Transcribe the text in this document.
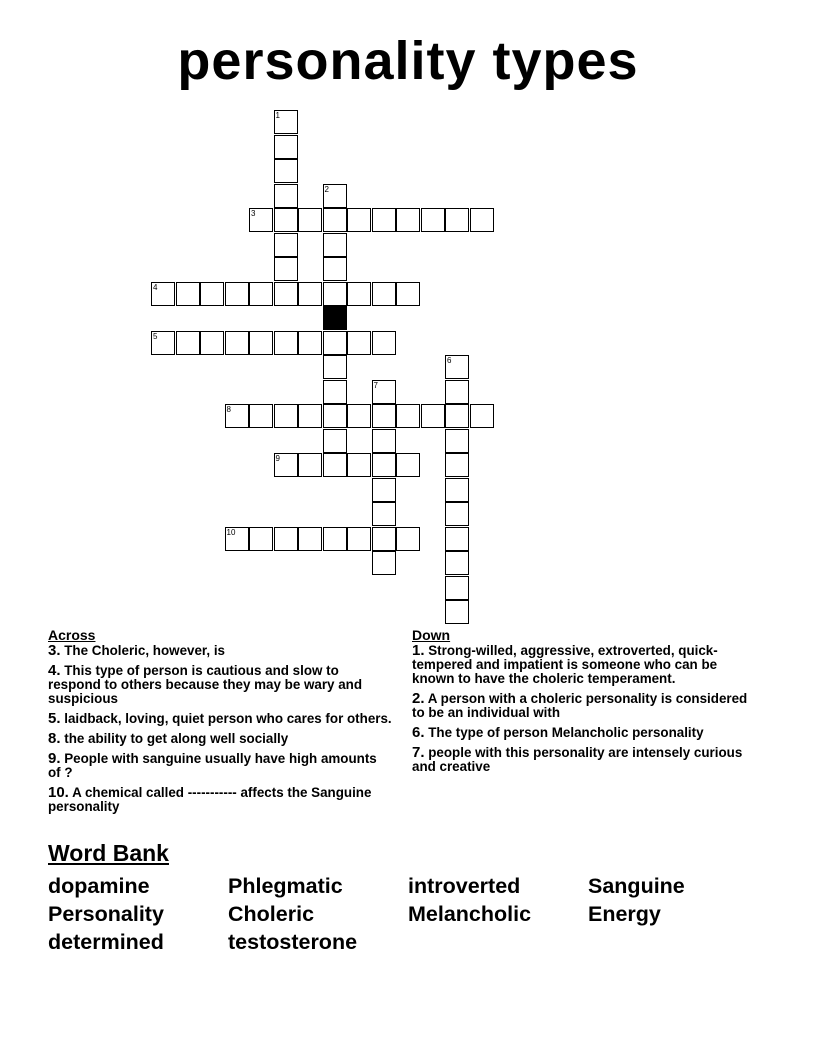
personality types
1
2
3
4
5
6
7
8
9
10
Across
3. The Choleric, however, is
4. This type of person is cautious and slow to respond to others because they may be wary and suspicious
5. laidback, loving, quiet person who cares for others.
8. the ability to get along well socially
9. People with sanguine usually have high amounts of ?
10. A chemical called ----------- affects the Sanguine personality
Down
1. Strong-willed, aggressive, extroverted, quick-tempered and impatient is someone who can be known to have the choleric temperament.
2. A person with a choleric personality is considered to be an individual with
6. The type of person Melancholic personality
7. people with this personality are intensely curious and creative
Word Bank
dopamine	Phlegmatic	introverted	Sanguine
Personality	Choleric	Melancholic	Energy
determined	testosterone
